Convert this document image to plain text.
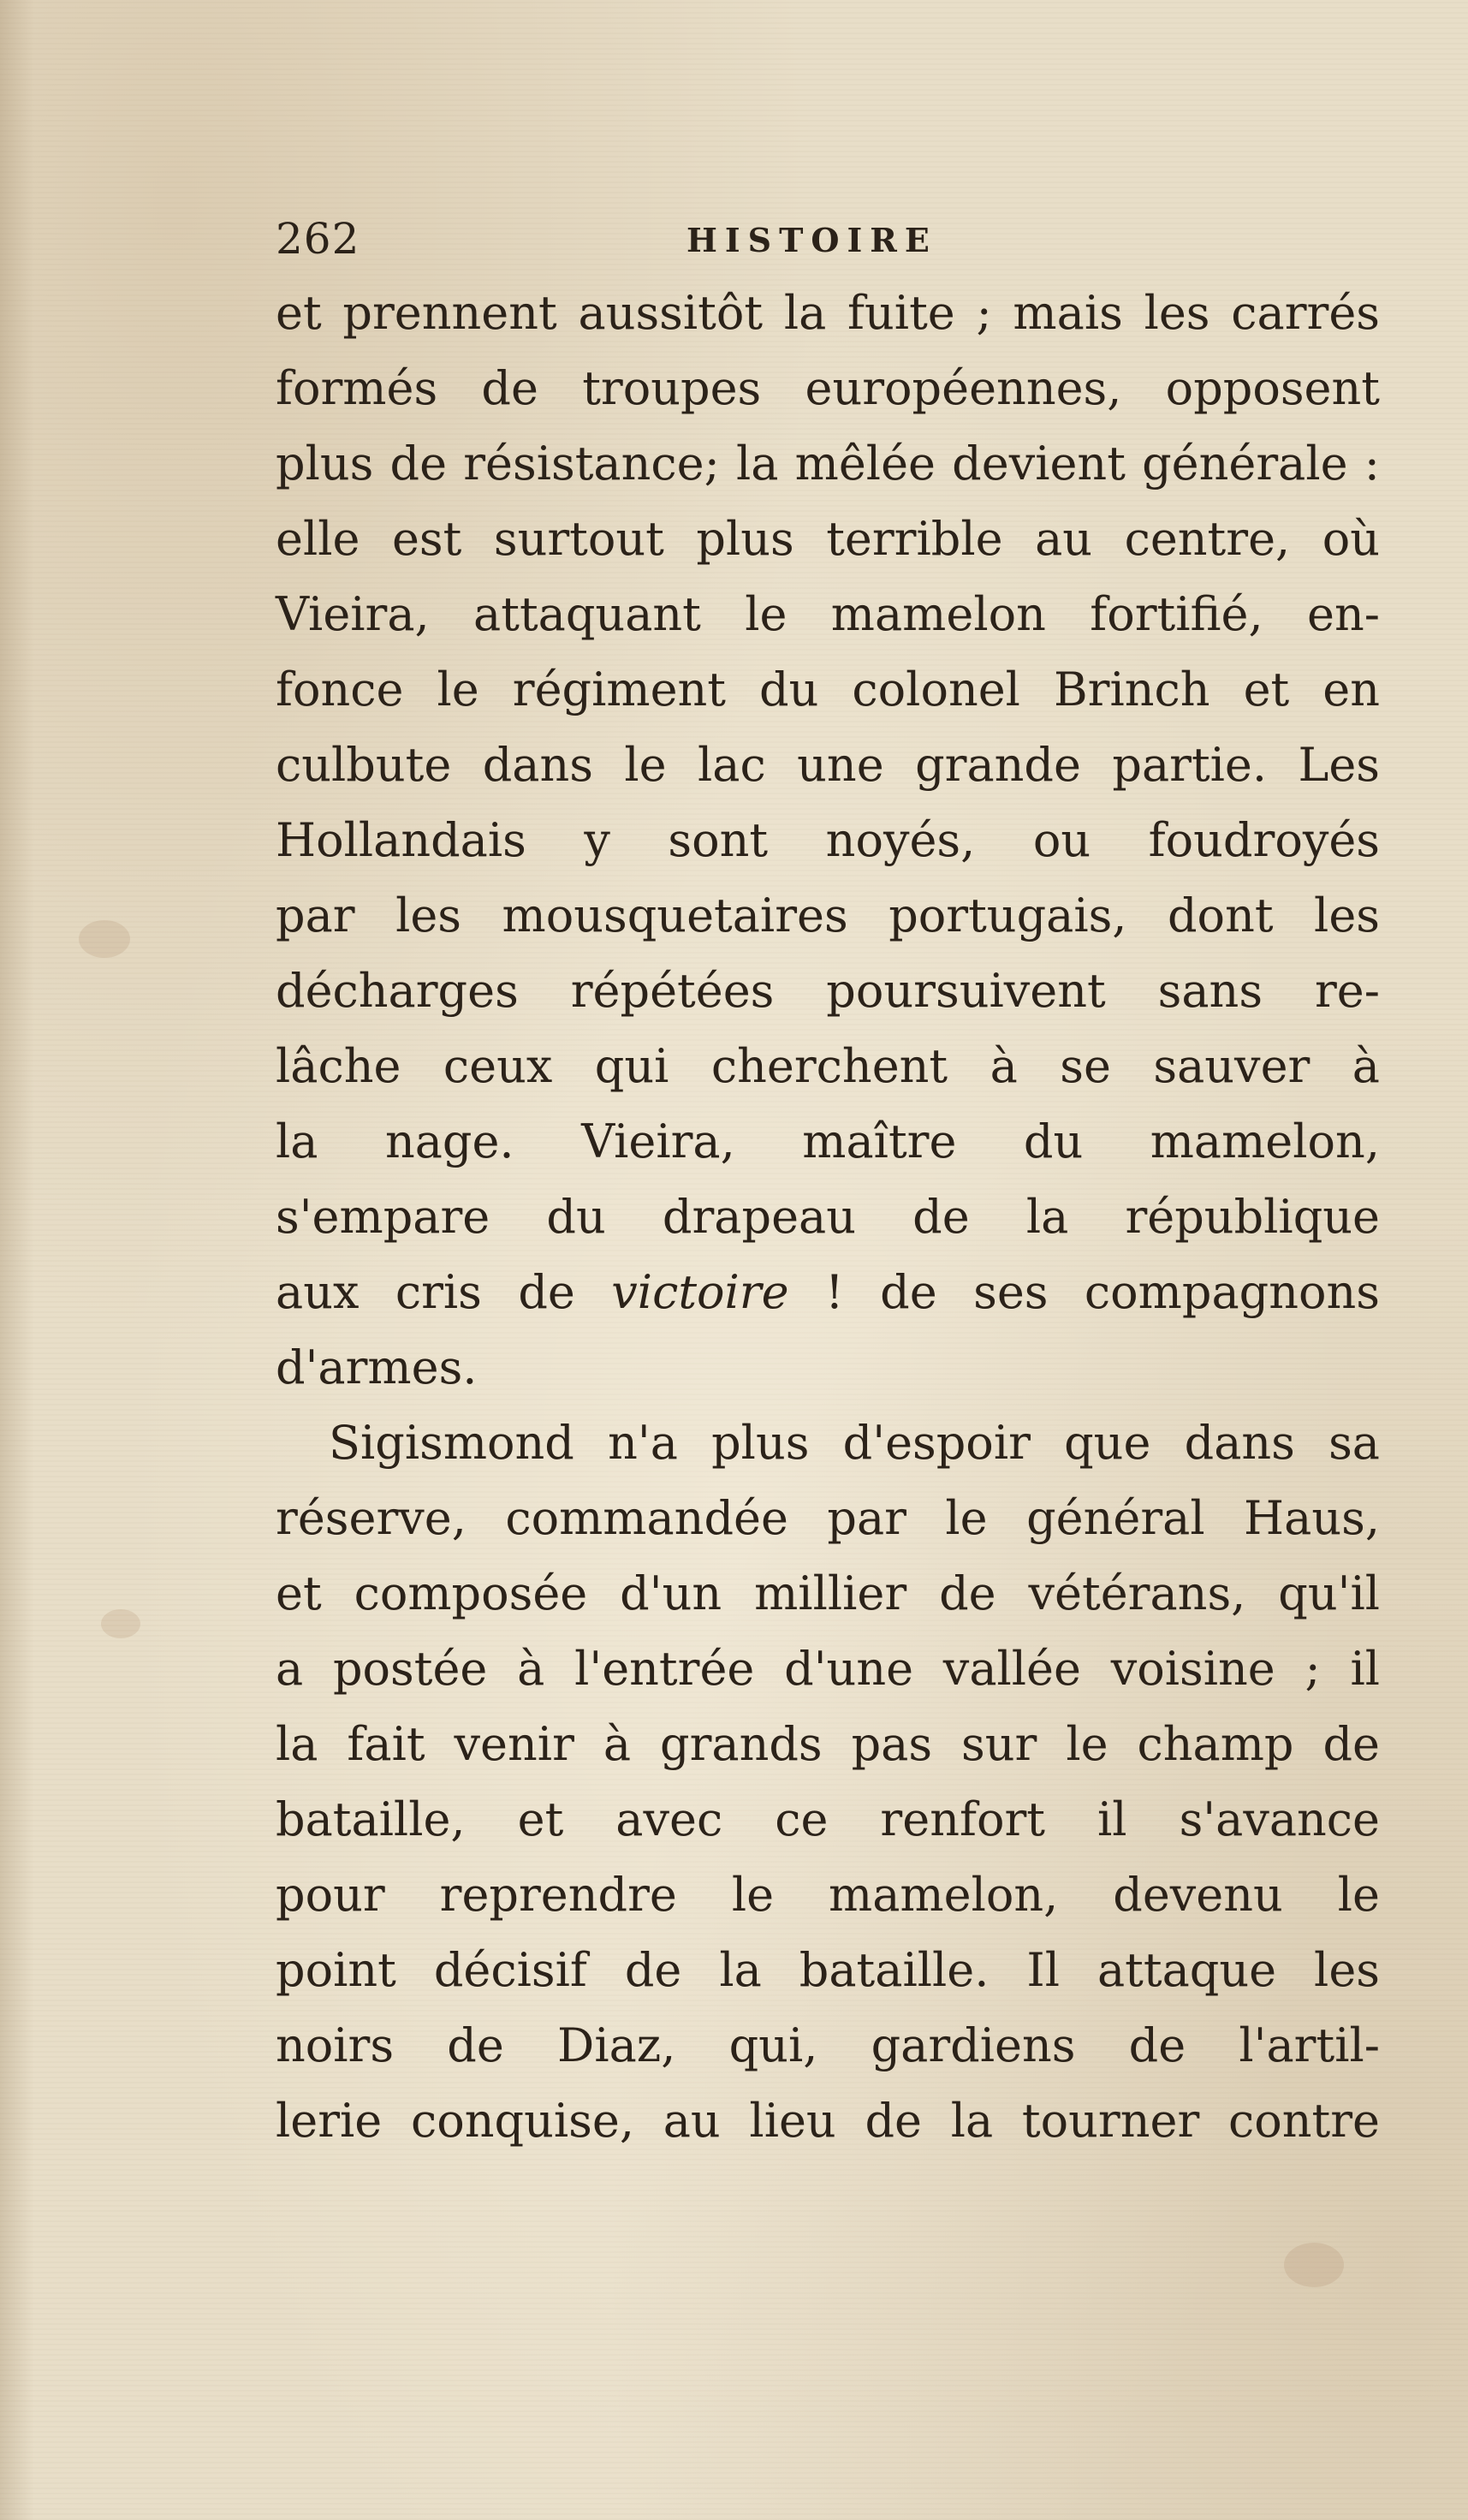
262	HISTOIRE
et prennent aussitôt la fuite ; mais les carrés
formés de troupes européennes, opposent
plus de résistance; la mêlée devient générale :
elle est surtout plus terrible au centre, où
Vieira, attaquant le mamelon fortifié, en-
fonce le régiment du colonel Brinch et en
culbute dans le lac une grande partie. Les
Hollandais y sont noyés, ou foudroyés
par les mousquetaires portugais, dont les
décharges répétées poursuivent sans re-
lâche ceux qui cherchent à se sauver à
la nage. Vieira, maître du mamelon,
s'empare du drapeau de la république
aux cris de victoire ! de ses compagnons
d'armes.
Sigismond n'a plus d'espoir que dans sa
réserve, commandée par le général Haus,
et composée d'un millier de vétérans, qu'il
a postée à l'entrée d'une vallée voisine ; il
la fait venir à grands pas sur le champ de
bataille, et avec ce renfort il s'avance
pour reprendre le mamelon, devenu le
point décisif de la bataille. Il attaque les
noirs de Diaz, qui, gardiens de l'artil-
lerie conquise, au lieu de la tourner contre
